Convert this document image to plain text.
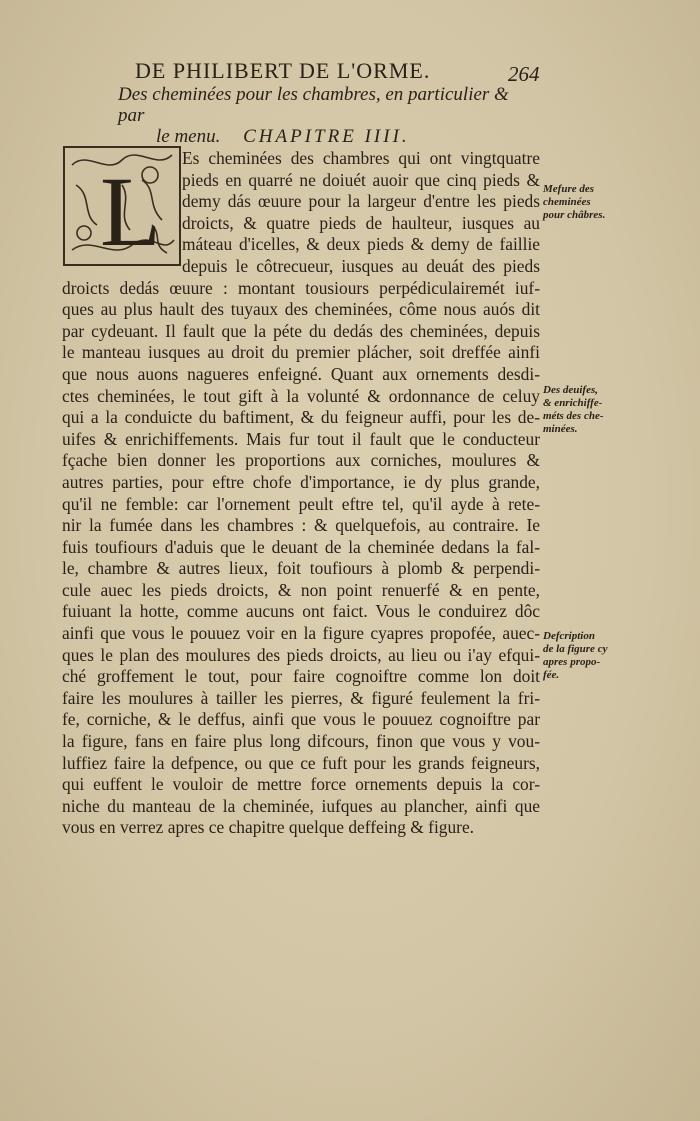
DE PHILIBERT DE L'ORME.	264
Des cheminées pour les chambres, en particulier & par
le menu. CHAPITRE IIII.
L	Es cheminées des chambres qui ont vingtquatre
pieds en quarré ne doiuét auoir que cinq pieds &
demy dás œuure pour la largeur d'entre les pieds
droicts, & quatre pieds de haulteur, iusques au
máteau d'icelles, & deux pieds & demy de faillie
depuis le côtrecueur, iusques au deuát des pieds
droicts dedás œuure : montant tousiours perpédiculairemét iuf-
ques au plus hault des tuyaux des cheminées, côme nous auós dit
par cydeuant. Il fault que la péte du dedás des cheminées, depuis
le manteau iusques au droit du premier plácher, soit dreffée ainfi
que nous auons nagueres enfeigné. Quant aux ornements desdi-
ctes cheminées, le tout gift à la volunté & ordonnance de celuy
qui a la conduicte du baftiment, & du feigneur auffi, pour les de-
uifes & enrichiffements. Mais fur tout il fault que le conducteur
fçache bien donner les proportions aux corniches, moulures &
autres parties, pour eftre chofe d'importance, ie dy plus grande,
qu'il ne femble: car l'ornement peult eftre tel, qu'il ayde à rete-
nir la fumée dans les chambres : & quelquefois, au contraire. Ie
fuis toufiours d'aduis que le deuant de la cheminée dedans la fal-
le, chambre & autres lieux, foit toufiours à plomb & perpendi-
cule auec les pieds droicts, & non point renuerfé & en pente,
fuiuant la hotte, comme aucuns ont faict. Vous le conduirez dôc
ainfi que vous le pouuez voir en la figure cyapres propofée, auec-
ques le plan des moulures des pieds droicts, au lieu ou i'ay efqui-
ché groffement le tout, pour faire cognoiftre comme lon doit
faire les moulures à tailler les pierres, & figuré feulement la fri-
fe, corniche, & le deffus, ainfi que vous le pouuez cognoiftre par
la figure, fans en faire plus long difcours, finon que vous y vou-
luffiez faire la defpence, ou que ce fuft pour les grands feigneurs,
qui euffent le vouloir de mettre force ornements depuis la cor-
niche du manteau de la cheminée, iufques au plancher, ainfi que
vous en verrez apres ce chapitre quelque deffeing & figure.
Mefure des
cheminées
pour châbres.
Des deuifes,
& enrichiffe-
méts des che-
minées.
Defcription
de la figure cy
apres propo-
fée.
